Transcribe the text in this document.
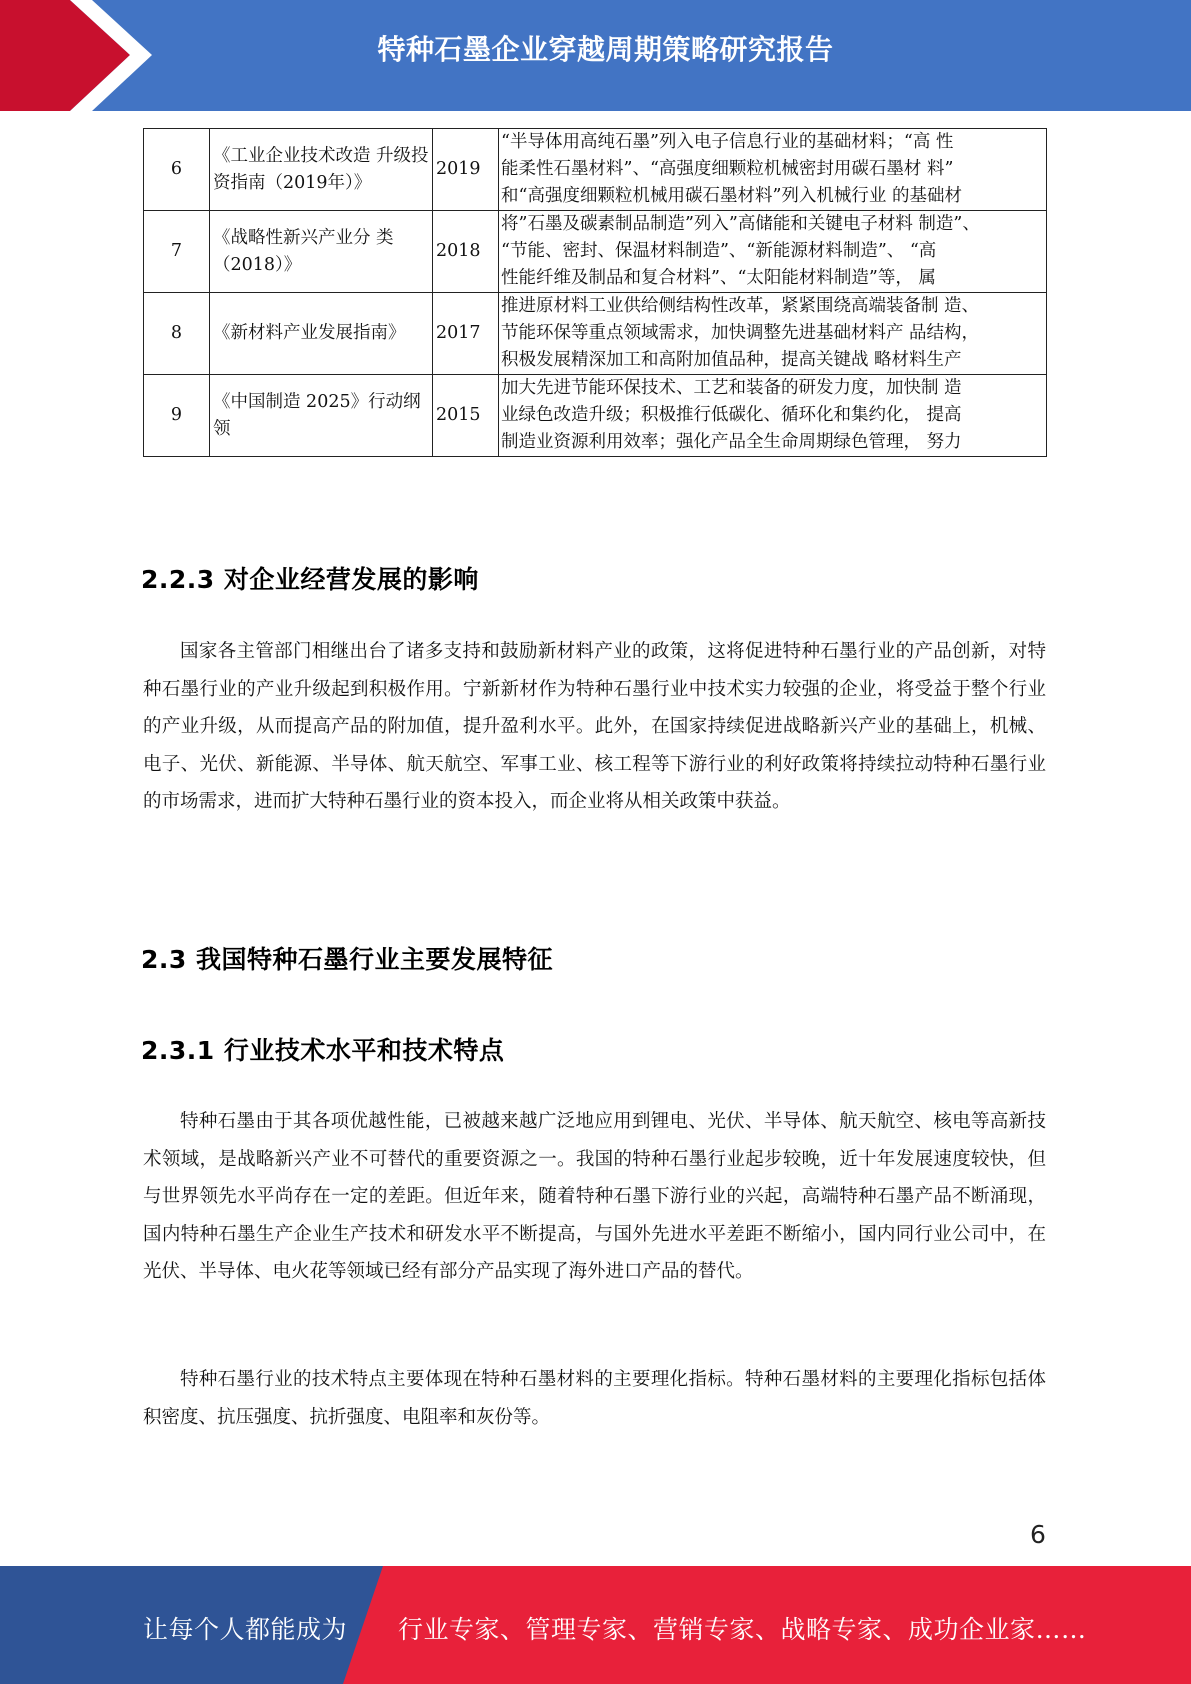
特种石墨企业穿越周期策略研究报告
6	《工业企业技术改造 升级投资指南（2019年）》	2019	“半导体用高纯石墨”列入电子信息行业的基础材料；“高 性
能柔性石墨材料”、“高强度细颗粒机械密封用碳石墨材 料”
和“高强度细颗粒机械用碳石墨材料”列入机械行业 的基础材

7	《战略性新兴产业分 类（2018）》	2018	将”石墨及碳素制品制造”列入”高储能和关键电子材料 制造”、
“节能、密封、保温材料制造”、“新能源材料制造”、 “高
性能纤维及制品和复合材料”、“太阳能材料制造”等， 属

8	《新材料产业发展指南》	2017	推进原材料工业供给侧结构性改革，紧紧围绕高端装备制 造、
节能环保等重点领域需求，加快调整先进基础材料产 品结构，
积极发展精深加工和高附加值品种，提高关键战 略材料生产

9	《中国制造 2025》行动纲领	2015	加大先进节能环保技术、工艺和装备的研发力度，加快制 造
业绿色改造升级；积极推行低碳化、循环化和集约化， 提高
制造业资源利用效率；强化产品全生命周期绿色管理， 努力
2.2.3 对企业经营发展的影响

国家各主管部门相继出台了诸多支持和鼓励新材料产业的政策，这将促进特种石墨行业的产品创新，对特种石墨行业的产业升级起到积极作用。宁新新材作为特种石墨行业中技术实力较强的企业，将受益于整个行业的产业升级，从而提高产品的附加值，提升盈利水平。此外，在国家持续促进战略新兴产业的基础上，机械、电子、光伏、新能源、半导体、航天航空、军事工业、核工程等下游行业的利好政策将持续拉动特种石墨行业的市场需求，进而扩大特种石墨行业的资本投入，而企业将从相关政策中获益。

2.3 我国特种石墨行业主要发展特征
2.3.1 行业技术水平和技术特点

特种石墨由于其各项优越性能，已被越来越广泛地应用到锂电、光伏、半导体、航天航空、核电等高新技术领域，是战略新兴产业不可替代的重要资源之一。我国的特种石墨行业起步较晚，近十年发展速度较快，但与世界领先水平尚存在一定的差距。但近年来，随着特种石墨下游行业的兴起，高端特种石墨产品不断涌现，国内特种石墨生产企业生产技术和研发水平不断提高，与国外先进水平差距不断缩小，国内同行业公司中，在光伏、半导体、电火花等领域已经有部分产品实现了海外进口产品的替代。

特种石墨行业的技术特点主要体现在特种石墨材料的主要理化指标。特种石墨材料的主要理化指标包括体积密度、抗压强度、抗折强度、电阻率和灰份等。

6
让每个人都能成为 行业专家、管理专家、营销专家、战略专家、成功企业家……
